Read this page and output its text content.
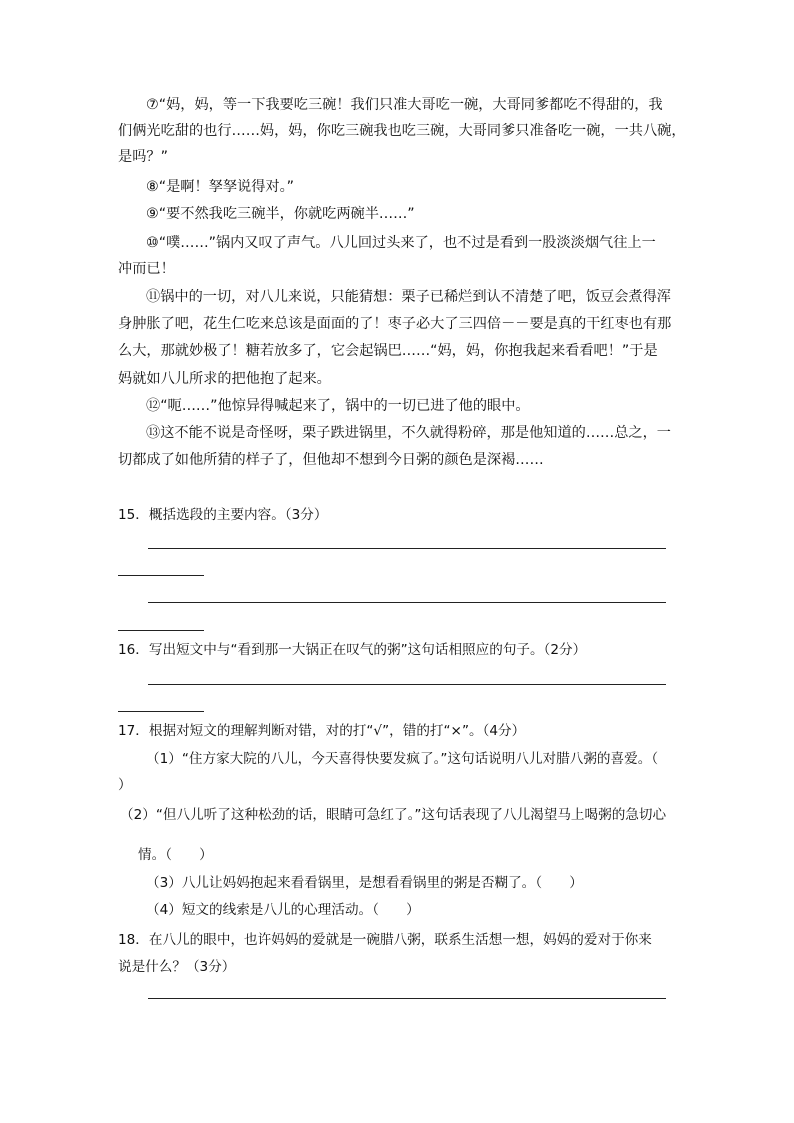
⑦“妈，妈，等一下我要吃三碗！我们只准大哥吃一碗，大哥同爹都吃不得甜的，我

们俩光吃甜的也行……妈，妈，你吃三碗我也吃三碗，大哥同爹只准备吃一碗，一共八碗，

是吗？”

⑧“是啊！孥孥说得对。”

⑨“要不然我吃三碗半，你就吃两碗半……”

⑩“噗……”锅内又叹了声气。八儿回过头来了，也不过是看到一股淡淡烟气往上一

冲而已！

⑪锅中的一切，对八儿来说，只能猜想：栗子已稀烂到认不清楚了吧，饭豆会煮得浑

身肿胀了吧，花生仁吃来总该是面面的了！枣子必大了三四倍－－要是真的干红枣也有那

么大，那就妙极了！糖若放多了，它会起锅巴……“妈，妈，你抱我起来看看吧！”于是

妈就如八儿所求的把他抱了起来。

⑫“呃……”他惊异得喊起来了，锅中的一切已进了他的眼中。

⑬这不能不说是奇怪呀，栗子跌进锅里，不久就得粉碎，那是他知道的……总之，一

切都成了如他所猜的样子了，但他却不想到今日粥的颜色是深褐……

15．概括选段的主要内容。（3分）

16．写出短文中与“看到那一大锅正在叹气的粥”这句话相照应的句子。（2分）

17．根据对短文的理解判断对错，对的打“√”，错的打“×”。（4分）

（1）“住方家大院的八儿，今天喜得快要发疯了。”这句话说明八儿对腊八粥的喜爱。（

）

（2）“但八儿听了这种松劲的话，眼睛可急红了。”这句话表现了八儿渴望马上喝粥的急切心

情。（　　）

（3）八儿让妈妈抱起来看看锅里，是想看看锅里的粥是否糊了。（　　）

（4）短文的线索是八儿的心理活动。（　　）

18．在八儿的眼中，也许妈妈的爱就是一碗腊八粥，联系生活想一想，妈妈的爱对于你来

说是什么？（3分）
